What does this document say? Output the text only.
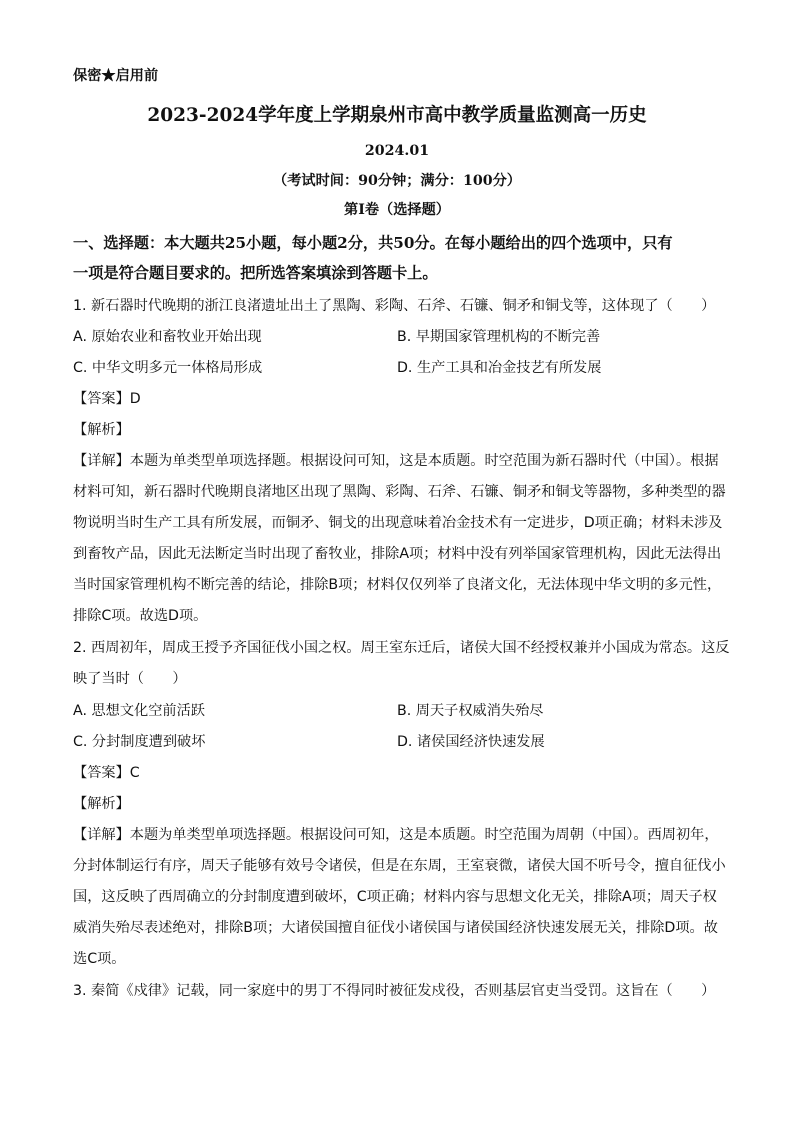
保密★启用前
2023-2024学年度上学期泉州市高中教学质量监测高一历史
2024.01
（考试时间：90分钟；满分：100分）
第Ⅰ卷（选择题）
一、选择题：本大题共25小题，每小题2分，共50分。在每小题给出的四个选项中，只有
一项是符合题目要求的。把所选答案填涂到答题卡上。
1. 新石器时代晚期的浙江良渚遗址出土了黑陶、彩陶、石斧、石镰、铜矛和铜戈等，这体现了（　　）
A. 原始农业和畜牧业开始出现	B. 早期国家管理机构的不断完善
C. 中华文明多元一体格局形成	D. 生产工具和冶金技艺有所发展
【答案】D
【解析】
【详解】本题为单类型单项选择题。根据设问可知，这是本质题。时空范围为新石器时代（中国）。根据
材料可知，新石器时代晚期良渚地区出现了黑陶、彩陶、石斧、石镰、铜矛和铜戈等器物，多种类型的器
物说明当时生产工具有所发展，而铜矛、铜戈的出现意味着冶金技术有一定进步，D项正确；材料未涉及
到畜牧产品，因此无法断定当时出现了畜牧业，排除A项；材料中没有列举国家管理机构，因此无法得出
当时国家管理机构不断完善的结论，排除B项；材料仅仅列举了良渚文化，无法体现中华文明的多元性，
排除C项。故选D项。
2. 西周初年，周成王授予齐国征伐小国之权。周王室东迁后，诸侯大国不经授权兼并小国成为常态。这反
映了当时（　　）
A. 思想文化空前活跃	B. 周天子权威消失殆尽
C. 分封制度遭到破坏	D. 诸侯国经济快速发展
【答案】C
【解析】
【详解】本题为单类型单项选择题。根据设问可知，这是本质题。时空范围为周朝（中国）。西周初年，
分封体制运行有序，周天子能够有效号令诸侯，但是在东周，王室衰微，诸侯大国不听号令，擅自征伐小
国，这反映了西周确立的分封制度遭到破坏，C项正确；材料内容与思想文化无关，排除A项；周天子权
威消失殆尽表述绝对，排除B项；大诸侯国擅自征伐小诸侯国与诸侯国经济快速发展无关，排除D项。故
选C项。
3. 秦简《戍律》记载，同一家庭中的男丁不得同时被征发戍役，否则基层官吏当受罚。这旨在（　　）
